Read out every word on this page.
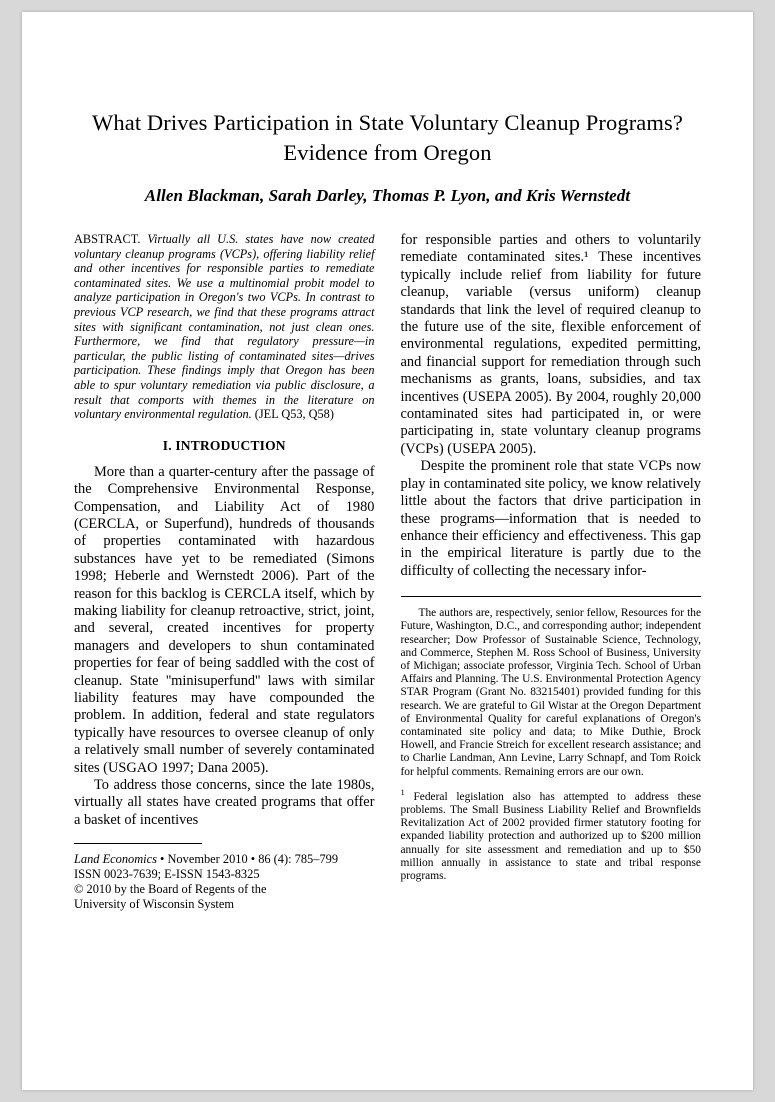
What Drives Participation in State Voluntary Cleanup Programs? Evidence from Oregon
Allen Blackman, Sarah Darley, Thomas P. Lyon, and Kris Wernstedt

ABSTRACT. Virtually all U.S. states have now created voluntary cleanup programs (VCPs), offering liability relief and other incentives for responsible parties to remediate contaminated sites. We use a multinomial probit model to analyze participation in Oregon's two VCPs. In contrast to previous VCP research, we find that these programs attract sites with significant contamination, not just clean ones. Furthermore, we find that regulatory pressure—in particular, the public listing of contaminated sites—drives participation. These findings imply that Oregon has been able to spur voluntary remediation via public disclosure, a result that comports with themes in the literature on voluntary environmental regulation. (JEL Q53, Q58)

I. INTRODUCTION

More than a quarter-century after the passage of the Comprehensive Environmental Response, Compensation, and Liability Act of 1980 (CERCLA, or Superfund), hundreds of thousands of properties contaminated with hazardous substances have yet to be remediated (Simons 1998; Heberle and Wernstedt 2006). Part of the reason for this backlog is CERCLA itself, which by making liability for cleanup retroactive, strict, joint, and several, created incentives for property managers and developers to shun contaminated properties for fear of being saddled with the cost of cleanup. State ''minisuperfund'' laws with similar liability features may have compounded the problem. In addition, federal and state regulators typically have resources to oversee cleanup of only a relatively small number of severely contaminated sites (USGAO 1997; Dana 2005).

To address those concerns, since the late 1980s, virtually all states have created programs that offer a basket of incentives

Land Economics • November 2010 • 86 (4): 785–799

ISSN 0023-7639; E-ISSN 1543-8325

© 2010 by the Board of Regents of the

University of Wisconsin System

for responsible parties and others to voluntarily remediate contaminated sites.¹ These incentives typically include relief from liability for future cleanup, variable (versus uniform) cleanup standards that link the level of required cleanup to the future use of the site, flexible enforcement of environmental regulations, expedited permitting, and financial support for remediation through such mechanisms as grants, loans, subsidies, and tax incentives (USEPA 2005). By 2004, roughly 20,000 contaminated sites had participated in, or were participating in, state voluntary cleanup programs (VCPs) (USEPA 2005).

Despite the prominent role that state VCPs now play in contaminated site policy, we know relatively little about the factors that drive participation in these programs—information that is needed to enhance their efficiency and effectiveness. This gap in the empirical literature is partly due to the difficulty of collecting the necessary infor-

The authors are, respectively, senior fellow, Resources for the Future, Washington, D.C., and corresponding author; independent researcher; Dow Professor of Sustainable Science, Technology, and Commerce, Stephen M. Ross School of Business, University of Michigan; associate professor, Virginia Tech. School of Urban Affairs and Planning. The U.S. Environmental Protection Agency STAR Program (Grant No. 83215401) provided funding for this research. We are grateful to Gil Wistar at the Oregon Department of Environmental Quality for careful explanations of Oregon's contaminated site policy and data; to Mike Duthie, Brock Howell, and Francie Streich for excellent research assistance; and to Charlie Landman, Ann Levine, Larry Schnapf, and Tom Roick for helpful comments. Remaining errors are our own.

$^1$ Federal legislation also has attempted to address these problems. The Small Business Liability Relief and Brownfields Revitalization Act of 2002 provided firmer statutory footing for expanded liability protection and authorized up to $200 million annually for site assessment and remediation and up to $50 million annually in assistance to state and tribal response programs.
